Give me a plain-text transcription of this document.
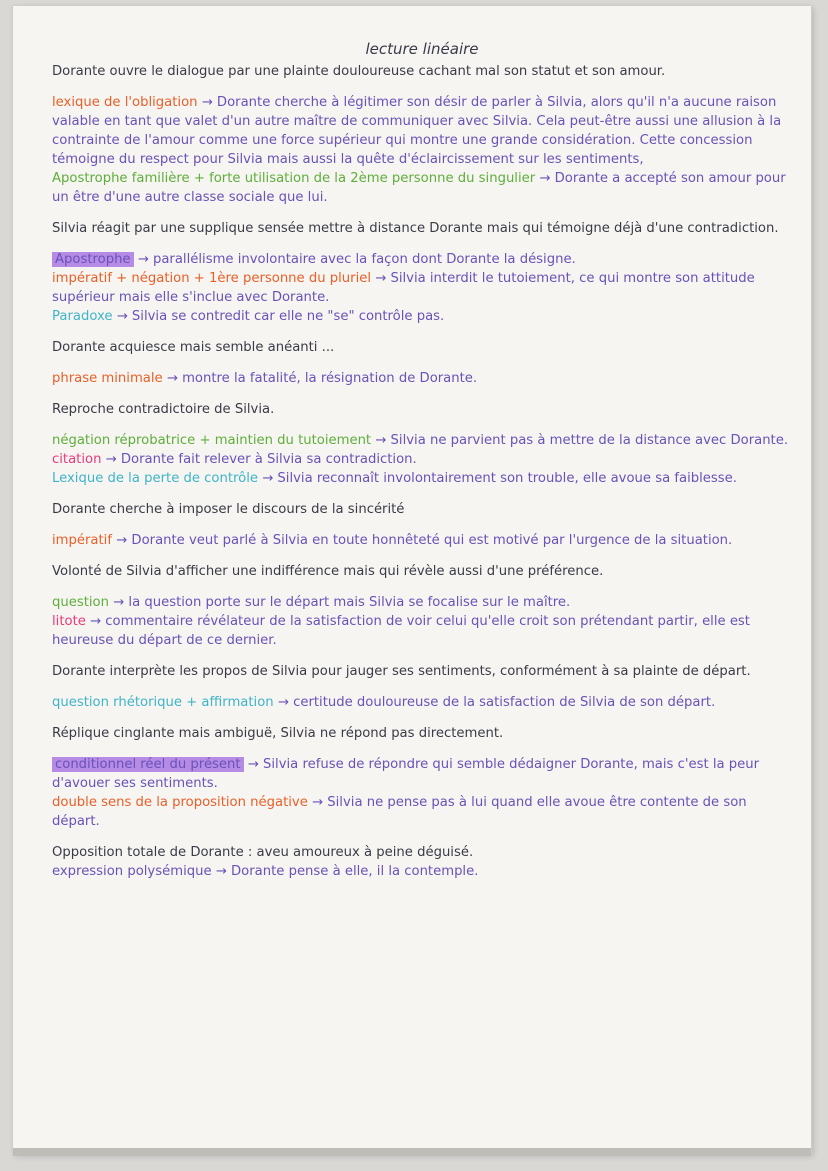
lecture linéaire

Dorante ouvre le dialogue par une plainte douloureuse cachant mal son statut et son amour.

lexique de l'obligation → Dorante cherche à légitimer son désir de parler à Silvia, alors qu'il n'a aucune raison valable en tant que valet d'un autre maître de communiquer avec Silvia. Cela peut-être aussi une allusion à la contrainte de l'amour comme une force supérieur qui montre une grande considération. Cette concession témoigne du respect pour Silvia mais aussi la quête d'éclaircissement sur les sentiments,

Apostrophe familière + forte utilisation de la 2ème personne du singulier → Dorante a accepté son amour pour un être d'une autre classe sociale que lui.

Silvia réagit par une supplique sensée mettre à distance Dorante mais qui témoigne déjà d'une contradiction.

Apostrophe → parallélisme involontaire avec la façon dont Dorante la désigne.

impératif + négation + 1ère personne du pluriel → Silvia interdit le tutoiement, ce qui montre son attitude supérieur mais elle s'inclue avec Dorante.

Paradoxe → Silvia se contredit car elle ne "se" contrôle pas.

Dorante acquiesce mais semble anéanti ...

phrase minimale → montre la fatalité, la résignation de Dorante.

Reproche contradictoire de Silvia.

négation réprobatrice + maintien du tutoiement → Silvia ne parvient pas à mettre de la distance avec Dorante.

citation → Dorante fait relever à Silvia sa contradiction.

Lexique de la perte de contrôle → Silvia reconnaît involontairement son trouble, elle avoue sa faiblesse.

Dorante cherche à imposer le discours de la sincérité

impératif → Dorante veut parlé à Silvia en toute honnêteté qui est motivé par l'urgence de la situation.

Volonté de Silvia d'afficher une indifférence mais qui révèle aussi d'une préférence.

question → la question porte sur le départ mais Silvia se focalise sur le maître.

litote → commentaire révélateur de la satisfaction de voir celui qu'elle croit son prétendant partir, elle est heureuse du départ de ce dernier.

Dorante interprète les propos de Silvia pour jauger ses sentiments, conformément à sa plainte de départ.

question rhétorique + affirmation → certitude douloureuse de la satisfaction de Silvia de son départ.

Réplique cinglante mais ambiguë, Silvia ne répond pas directement.

conditionnel réel du présent → Silvia refuse de répondre qui semble dédaigner Dorante, mais c'est la peur d'avouer ses sentiments.

double sens de la proposition négative → Silvia ne pense pas à lui quand elle avoue être contente de son départ.

Opposition totale de Dorante : aveu amoureux à peine déguisé.

expression polysémique → Dorante pense à elle, il la contemple.
